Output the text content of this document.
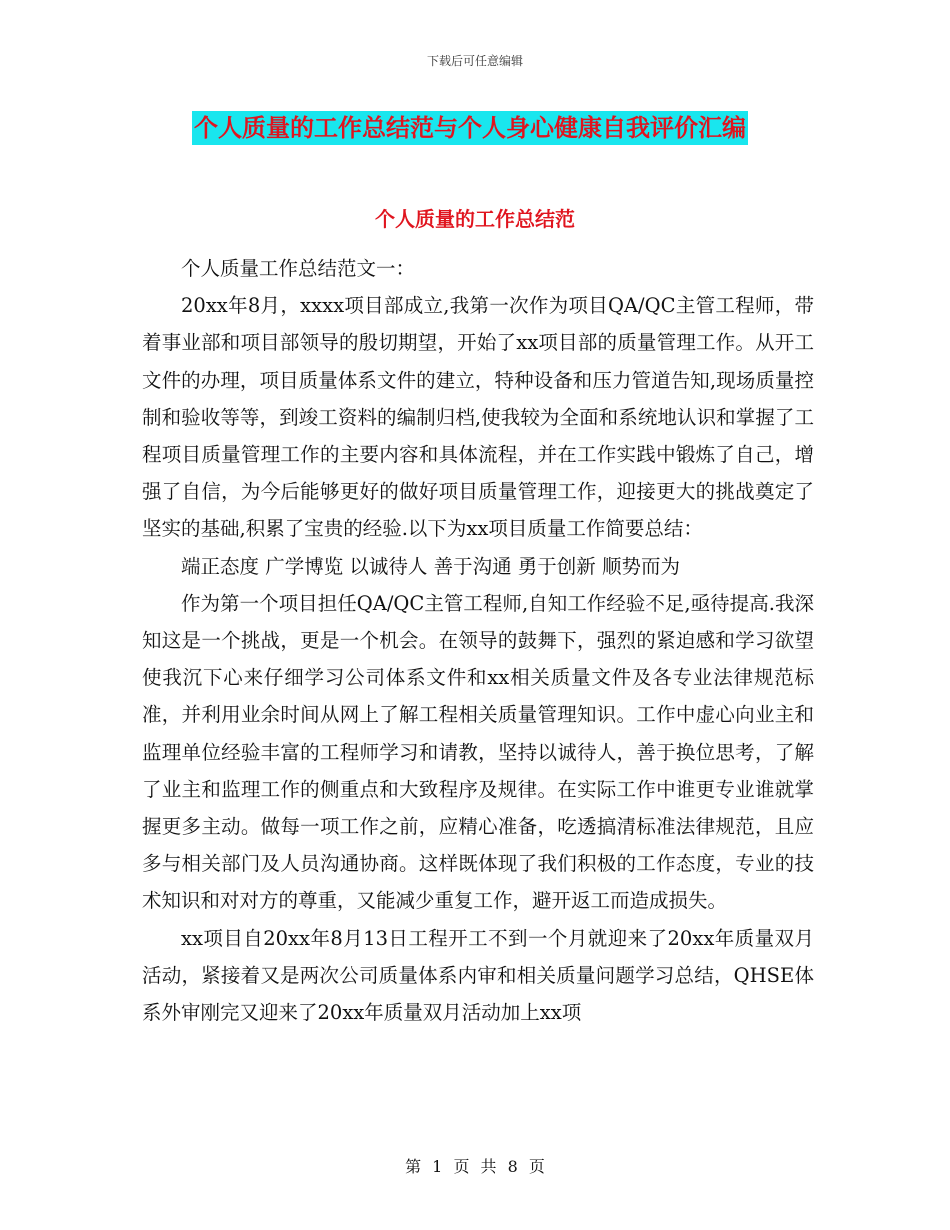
下载后可任意编辑
个人质量的工作总结范与个人身心健康自我评价汇编
个人质量的工作总结范

个人质量工作总结范文一：

20xx年8月，xxxx项目部成立,我第一次作为项目QA/QC主管工程师，带着事业部和项目部领导的殷切期望，开始了xx项目部的质量管理工作。从开工文件的办理，项目质量体系文件的建立，特种设备和压力管道告知,现场质量控制和验收等等，到竣工资料的编制归档,使我较为全面和系统地认识和掌握了工程项目质量管理工作的主要内容和具体流程，并在工作实践中锻炼了自己，增强了自信，为今后能够更好的做好项目质量管理工作，迎接更大的挑战奠定了坚实的基础,积累了宝贵的经验.以下为xx项目质量工作简要总结：

端正态度 广学博览 以诚待人 善于沟通 勇于创新 顺势而为

作为第一个项目担任QA/QC主管工程师,自知工作经验不足,亟待提高.我深知这是一个挑战，更是一个机会。在领导的鼓舞下，强烈的紧迫感和学习欲望使我沉下心来仔细学习公司体系文件和xx相关质量文件及各专业法律规范标准，并利用业余时间从网上了解工程相关质量管理知识。工作中虚心向业主和监理单位经验丰富的工程师学习和请教，坚持以诚待人，善于换位思考，了解了业主和监理工作的侧重点和大致程序及规律。在实际工作中谁更专业谁就掌握更多主动。做每一项工作之前，应精心准备，吃透搞清标准法律规范，且应多与相关部门及人员沟通协商。这样既体现了我们积极的工作态度，专业的技术知识和对对方的尊重，又能减少重复工作，避开返工而造成损失。

xx项目自20xx年8月13日工程开工不到一个月就迎来了20xx年质量双月活动，紧接着又是两次公司质量体系内审和相关质量问题学习总结，QHSE体系外审刚完又迎来了20xx年质量双月活动加上xx项

第 1 页 共 8 页
